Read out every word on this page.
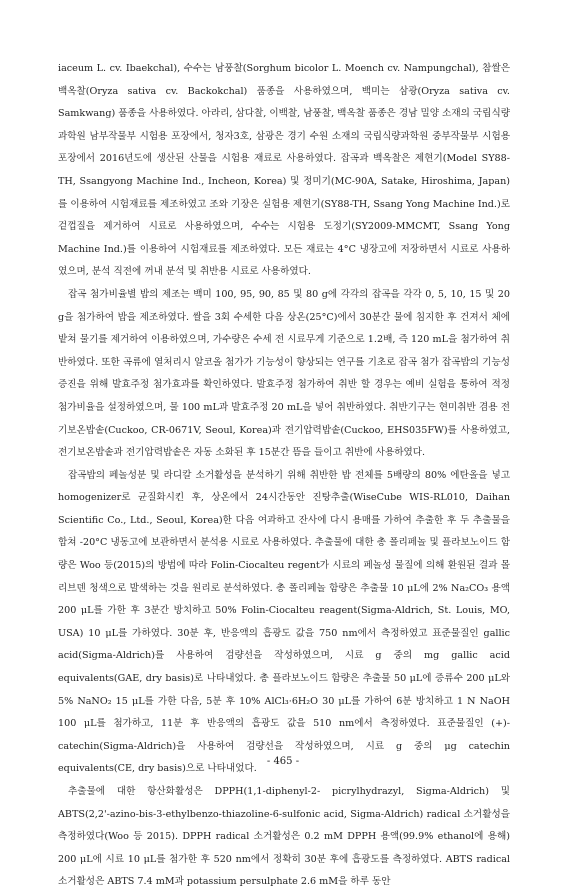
iaceum L. cv. Ibaekchal), 수수는 남풍찰(Sorghum bicolor L. Moench cv. Nampungchal), 참쌀은 백옥찰(Oryza sativa cv. Backokchal) 품종을 사용하였으며, 백미는 삼광(Oryza sativa cv. Samkwang) 품종을 사용하였다. 아라리, 삼다찰, 이백찰, 남풍찰, 백옥찰 품종은 경남 밀양 소재의 국립식량과학원 남부작물부 시험용 포장에서, 청자3호, 삼광은 경기 수원 소재의 국립식량과학원 중부작물부 시험용 포장에서 2016년도에 생산된 산물을 시험용 재료로 사용하였다. 잡곡과 백옥찰은 제현기(Model SY88-TH, Ssangyong Machine Ind., Incheon, Korea) 및 정미기(MC-90A, Satake, Hiroshima, Japan)를 이용하여 시험재료를 제조하였고 조와 기장은 실험용 제현기(SY88-TH, Ssang Yong Machine Ind.)로 겉껍질을 제거하여 시료로 사용하였으며, 수수는 시험용 도정기(SY2009-MMCMT, Ssang Yong Machine Ind.)를 이용하여 시험재료를 제조하였다. 모든 재료는 4°C 냉장고에 저장하면서 시료로 사용하였으며, 분석 직전에 꺼내 분석 및 취반용 시료로 사용하였다.

잡곡 첨가비율별 밥의 제조는 백미 100, 95, 90, 85 및 80 g에 각각의 잡곡을 각각 0, 5, 10, 15 및 20 g을 첨가하여 밥을 제조하였다. 쌀을 3회 수세한 다음 상온(25°C)에서 30분간 물에 침지한 후 건져서 체에 밭쳐 물기를 제거하여 이용하였으며, 가수량은 수세 전 시료무게 기준으로 1.2배, 즉 120 mL을 첨가하여 취반하였다. 또한 곡류에 열처리시 알코올 첨가가 기능성이 향상되는 연구를 기초로 잡곡 첨가 잡곡밥의 기능성 증진을 위해 발효주정 첨가효과를 확인하였다. 발효주정 첨가하여 취반 할 경우는 예비 실험을 통하여 적정 첨가비율을 설정하였으며, 물 100 mL과 발효주정 20 mL을 넣어 취반하였다. 취반기구는 현미취반 겸용 전기보온밥솥(Cuckoo, CR-0671V, Seoul, Korea)과 전기압력밥솥(Cuckoo, EHS035FW)를 사용하였고, 전기보온밥솥과 전기압력밥솥은 자동 소화된 후 15분간 뜸을 들이고 취반에 사용하였다.

잡곡밥의 페놀성분 및 라디칼 소거활성을 분석하기 위해 취반한 밥 전체를 5배량의 80% 에탄올을 넣고 homogenizer로 균질화시킨 후, 상온에서 24시간동안 진탕추출(WiseCube WIS-RL010, Daihan Scientific Co., Ltd., Seoul, Korea)한 다음 여과하고 잔사에 다시 용매를 가하여 추출한 후 두 추출물을 합쳐 -20°C 냉동고에 보관하면서 분석용 시료로 사용하였다. 추출물에 대한 총 폴리페놀 및 플라보노이드 함량은 Woo 등(2015)의 방법에 따라 Folin-Ciocalteu regent가 시료의 페놀성 물질에 의해 환원된 결과 몰리브덴 청색으로 발색하는 것을 원리로 분석하였다. 총 폴리페놀 함량은 추출물 10 μL에 2% Na₂CO₃ 용액 200 μL를 가한 후 3분간 방치하고 50% Folin-Ciocalteu reagent(Sigma-Aldrich, St. Louis, MO, USA) 10 μL를 가하였다. 30분 후, 반응액의 흡광도 값을 750 nm에서 측정하였고 표준물질인 gallic acid(Sigma-Aldrich)를 사용하여 검량선을 작성하였으며, 시료 g 중의 mg gallic acid equivalents(GAE, dry basis)로 나타내었다. 총 플라보노이드 함량은 추출물 50 μL에 증류수 200 μL와 5% NaNO₂ 15 μL를 가한 다음, 5분 후 10% AlCl₃·6H₂O 30 μL를 가하여 6분 방치하고 1 N NaOH 100 μL를 첨가하고, 11분 후 반응액의 흡광도 값을 510 nm에서 측정하였다. 표준물질인 (+)-catechin(Sigma-Aldrich)을 사용하여 검량선을 작성하였으며, 시료 g 중의 μg catechin equivalents(CE, dry basis)으로 나타내었다.

추출물에 대한 항산화활성은 DPPH(1,1-diphenyl-2- picrylhydrazyl, Sigma-Aldrich) 및 ABTS(2,2'-azino-bis-3-ethylbenzo-thiazoline-6-sulfonic acid, Sigma-Aldrich) radical 소거활성을 측정하였다(Woo 등 2015). DPPH radical 소거활성은 0.2 mM DPPH 용액(99.9% ethanol에 용해) 200 μL에 시료 10 μL를 첨가한 후 520 nm에서 정확히 30분 후에 흡광도를 측정하였다. ABTS radical 소거활성은 ABTS 7.4 mM과 potassium persulphate 2.6 mM을 하루 동안

- 465 -
